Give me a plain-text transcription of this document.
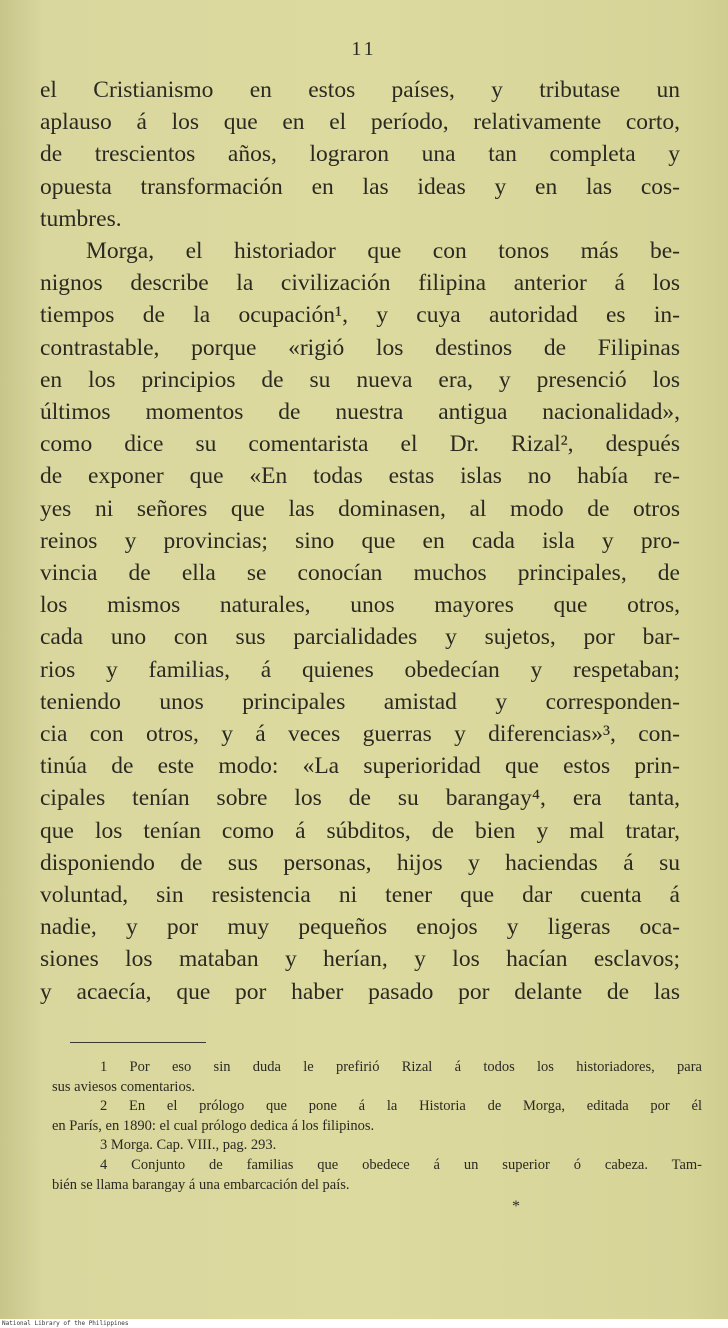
11
el Cristianismo en estos países, y tributase un
aplauso á los que en el período, relativamente corto,
de trescientos años, lograron una tan completa y
opuesta transformación en las ideas y en las cos-
tumbres.
Morga, el historiador que con tonos más be-
nignos describe la civilización filipina anterior á los
tiempos de la ocupación¹, y cuya autoridad es in-
contrastable, porque «rigió los destinos de Filipinas
en los principios de su nueva era, y presenció los
últimos momentos de nuestra antigua nacionalidad»,
como dice su comentarista el Dr. Rizal², después
de exponer que «En todas estas islas no había re-
yes ni señores que las dominasen, al modo de otros
reinos y provincias; sino que en cada isla y pro-
vincia de ella se conocían muchos principales, de
los mismos naturales, unos mayores que otros,
cada uno con sus parcialidades y sujetos, por bar-
rios y familias, á quienes obedecían y respetaban;
teniendo unos principales amistad y corresponden-
cia con otros, y á veces guerras y diferencias»³, con-
tinúa de este modo: «La superioridad que estos prin-
cipales tenían sobre los de su barangay⁴, era tanta,
que los tenían como á súbditos, de bien y mal tratar,
disponiendo de sus personas, hijos y haciendas á su
voluntad, sin resistencia ni tener que dar cuenta á
nadie, y por muy pequeños enojos y ligeras oca-
siones los mataban y herían, y los hacían esclavos;
y acaecía, que por haber pasado por delante de las
1 Por eso sin duda le prefirió Rizal á todos los historiadores, para
sus aviesos comentarios.
2 En el prólogo que pone á la Historia de Morga, editada por él
en París, en 1890: el cual prólogo dedica á los filipinos.
3 Morga. Cap. VIII., pag. 293.
4 Conjunto de familias que obedece á un superior ó cabeza. Tam-
bién se llama barangay á una embarcación del país.
*
National Library of the Philippines
